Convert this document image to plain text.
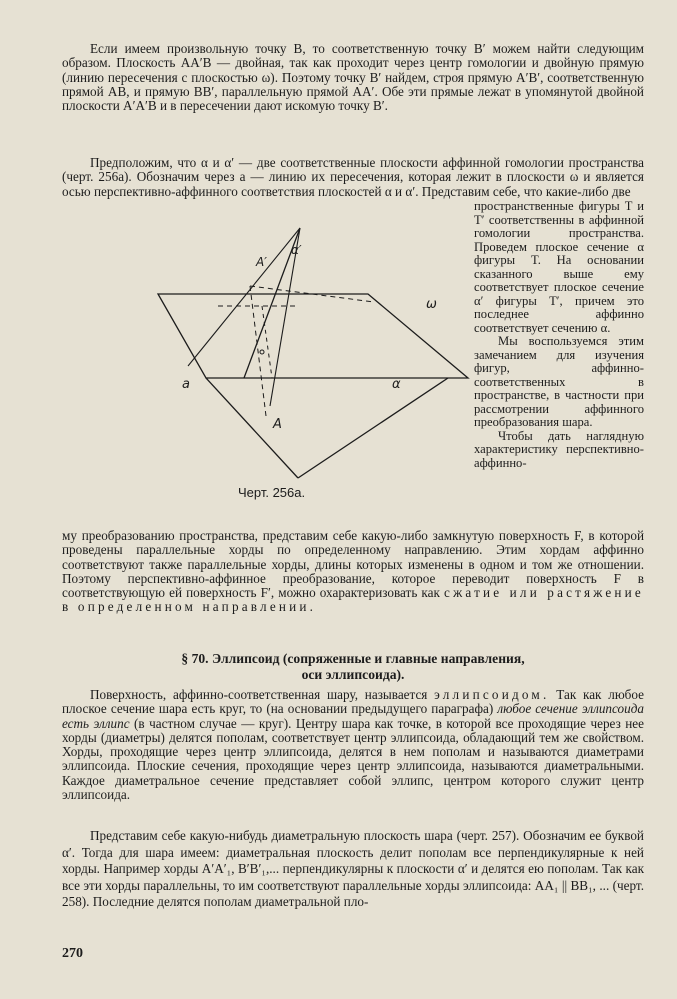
Если имеем произвольную точку B, то соответственную точку B′ можем найти следующим образом. Плоскость AA′B — двойная, так как проходит через центр гомологии и двойную прямую (линию пересечения с плоскостью ω). Поэтому точку B′ найдем, строя прямую A′B′, соответственную прямой AB, и прямую BB′, параллельную прямой AA′. Обе эти прямые лежат в упомянутой двойной плоскости A′A′B и в пересечении дают искомую точку B′.

Предположим, что α и α′ — две соответственные плоскости аффинной гомологии пространства (черт. 256а). Обозначим через a — линию их пересечения, которая лежит в плоскости ω и является осью перспективно-аффинного соответствия плоскостей α и α′. Представим себе, что какие-либо две

α′
A′
ω
a	α
A
Черт. 256а.

пространственные фигуры T и T′ соответственны в аффинной гомологии пространства. Проведем плоское сечение α фигуры T. На основании сказанного выше ему соответствует плоское сечение α′ фигуры T′, причем это последнее аффинно соответствует сечению α.

Мы воспользуемся этим замечанием для изучения фигур, аффинно-соответственных в пространстве, в частности при рассмотрении аффинного преобразования шара.

Чтобы дать наглядную характеристику перспективно-аффинно-

му преобразованию пространства, представим себе какую-либо замкнутую поверхность F, в которой проведены параллельные хорды по определенному направлению. Этим хордам аффинно соответствуют также параллельные хорды, длины которых изменены в одном и том же отношении. Поэтому перспективно-аффинное преобразование, которое переводит поверхность F в соответствующую ей поверхность F′, можно охарактеризовать как сжатие или растяжение в определенном направлении.

§ 70. Эллипсоид (сопряженные и главные направления,
оси эллипсоида).

Поверхность, аффинно-соответственная шару, называется эллипсоидом. Так как любое плоское сечение шара есть круг, то (на основании предыдущего параграфа) любое сечение эллипсоида есть эллипс (в частном случае — круг). Центру шара как точке, в которой все проходящие через нее хорды (диаметры) делятся пополам, соответствует центр эллипсоида, обладающий тем же свойством. Хорды, проходящие через центр эллипсоида, делятся в нем пополам и называются диаметрами эллипсоида. Плоские сечения, проходящие через центр эллипсоида, называются диаметральными. Каждое диаметральное сечение представляет собой эллипс, центром которого служит центр эллипсоида.

Представим себе какую-нибудь диаметральную плоскость шара (черт. 257). Обозначим ее буквой α′. Тогда для шара имеем: диаметральная плоскость делит пополам все перпендикулярные к ней хорды. Например хорды A′A′₁, B′B′₁,... перпендикулярны к плоскости α′ и делятся ею пополам. Так как все эти хорды параллельны, то им соответствуют параллельные хорды эллипсоида: AA₁ || BB₁, ... (черт. 258). Последние делятся пополам диаметральной пло-

270
